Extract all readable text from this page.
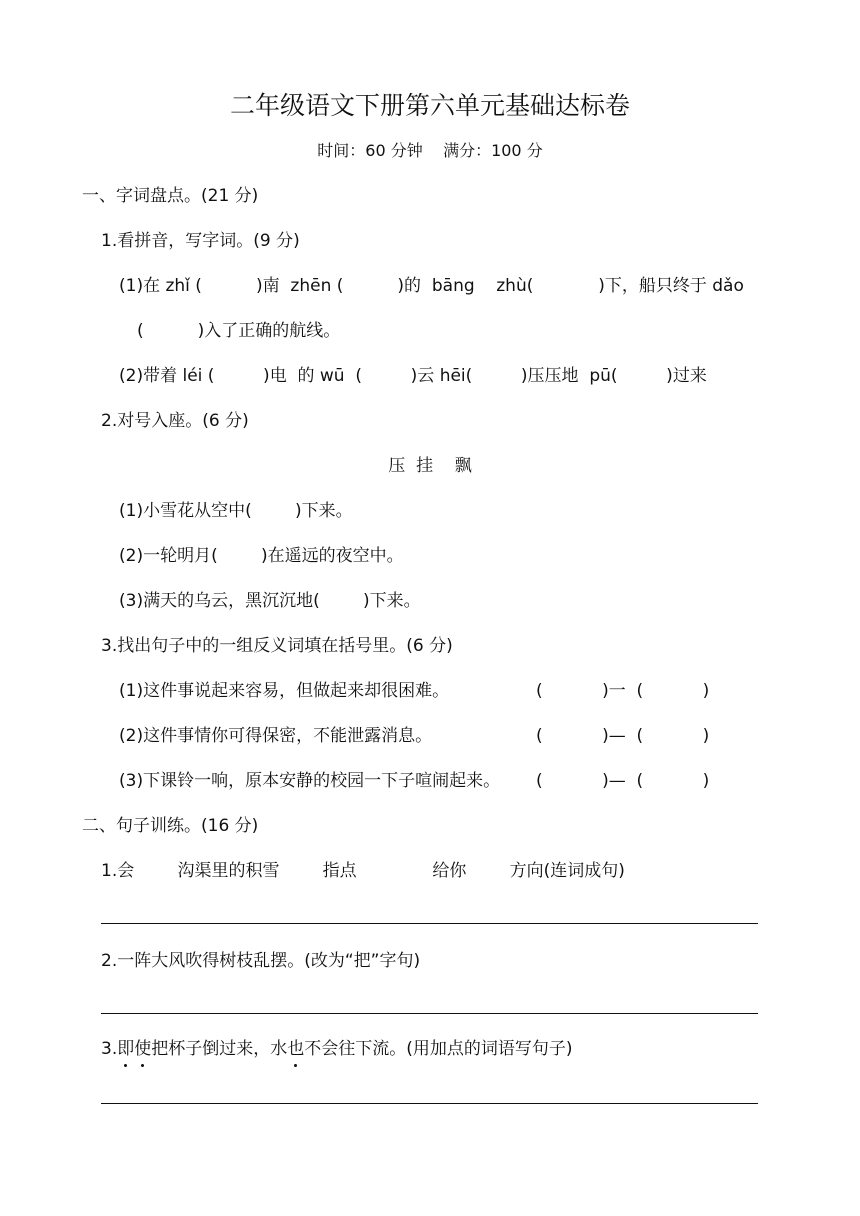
二年级语文下册第六单元基础达标卷
时间：60 分钟    满分：100 分
一、字词盘点。(21 分)
1.看拼音，写字词。(9 分)
(1)在 zhǐ (          )南  zhēn (          )的  bāng    zhù(            )下，船只终于 dǎo
(          )入了正确的航线。
(2)带着 léi (         )电  的 wū  (         )云 hēi(         )压压地  pū(         )过来
2.对号入座。(6 分)
压  挂    飘
(1)小雪花从空中(        )下来。
(2)一轮明月(        )在遥远的夜空中。
(3)满天的乌云，黑沉沉地(        )下来。
3.找出句子中的一组反义词填在括号里。(6 分)
(1)这件事说起来容易，但做起来却很困难。	(           )一  (           )
(2)这件事情你可得保密，不能泄露消息。	(           )—  (           )
(3)下课铃一响，原本安静的校园一下子喧闹起来。 (           )—  (           )
二、句子训练。(16 分)
1.会        沟渠里的积雪        指点              给你        方向(连词成句)
2.一阵大风吹得树枝乱摆。(改为“把”字句)
3.即使把杯子倒过来，水也不会往下流。(用加点的词语写句子)
